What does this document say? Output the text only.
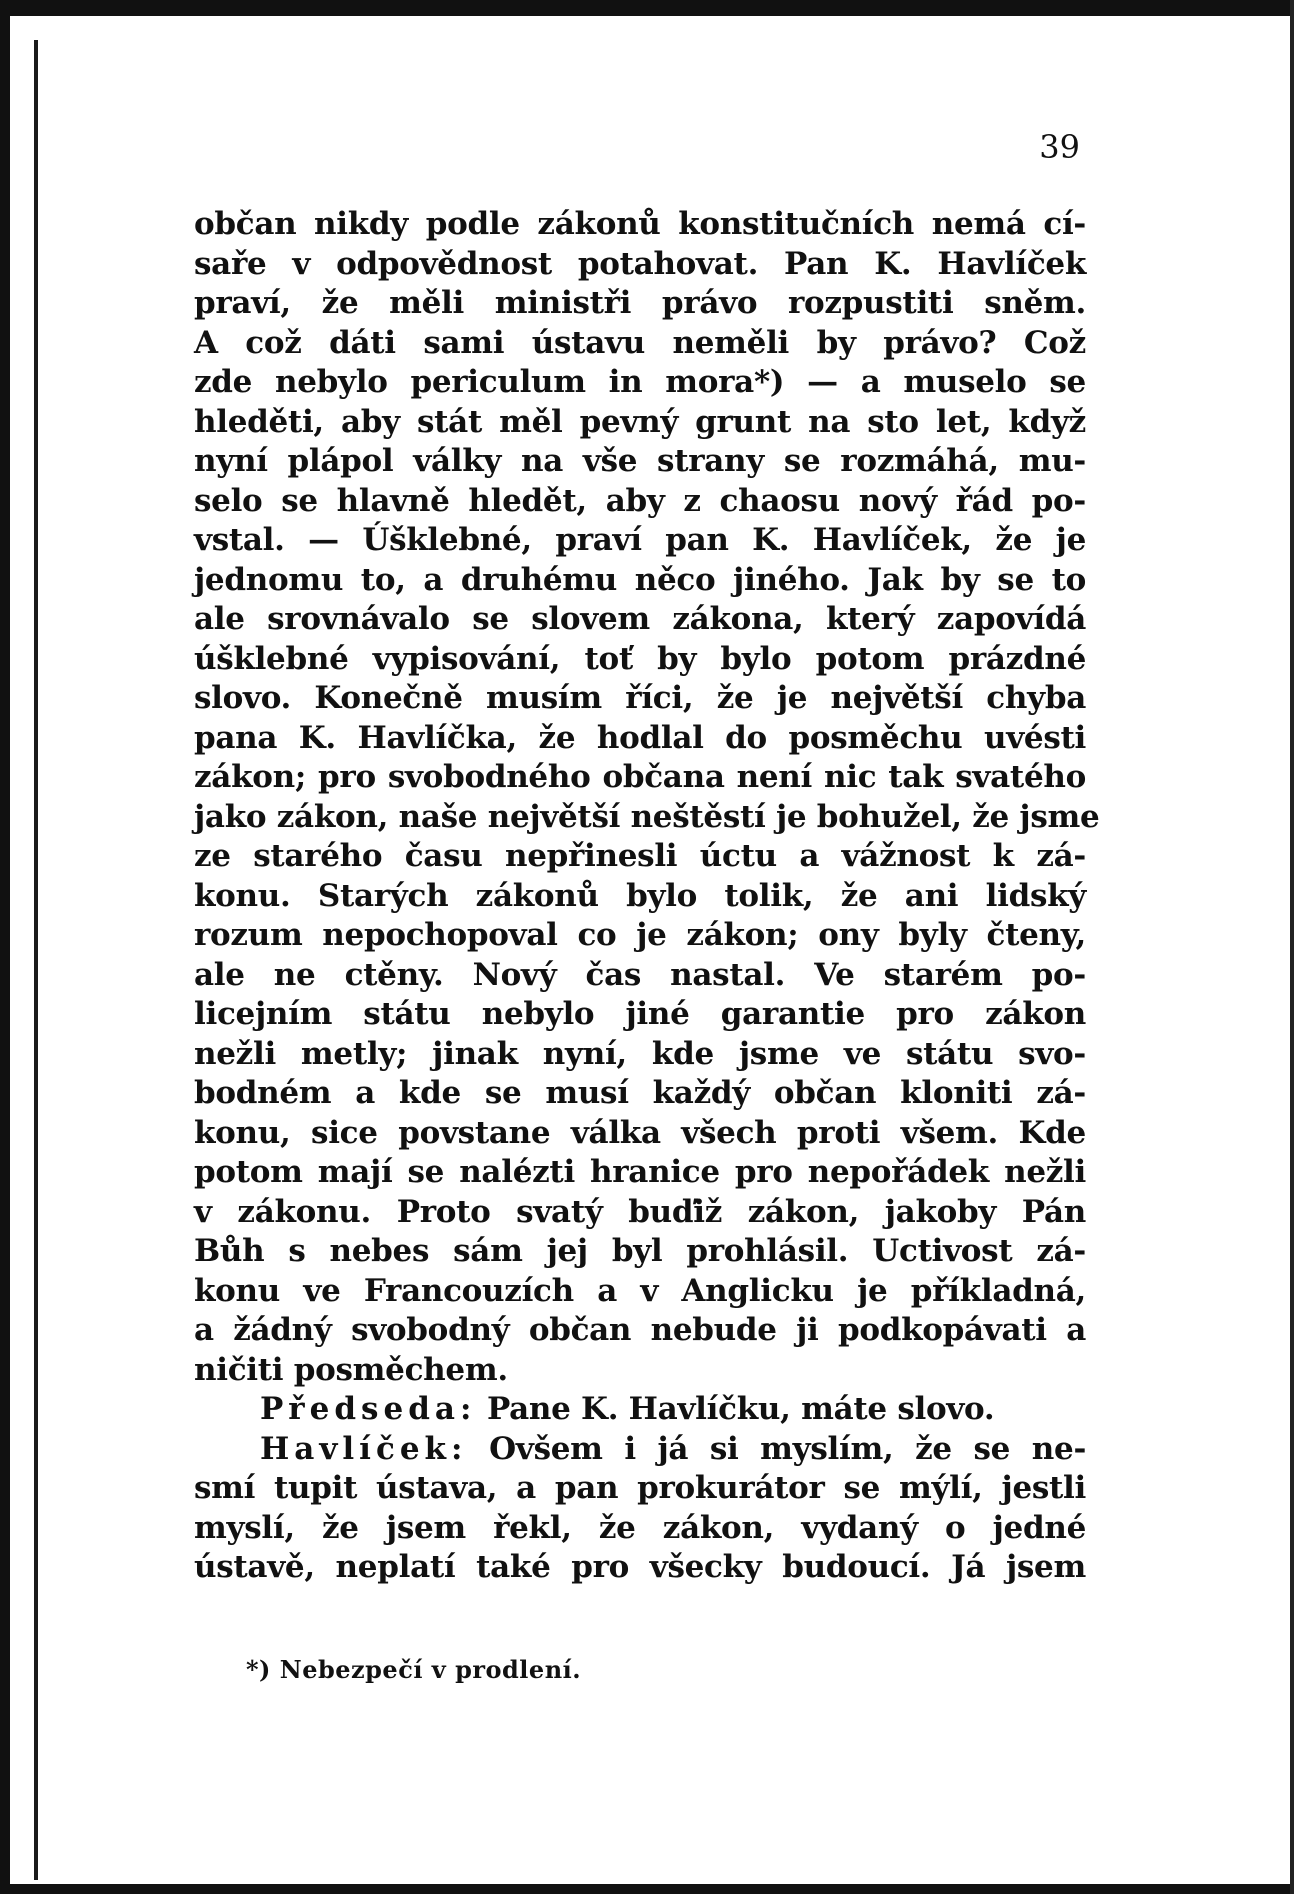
39
občan nikdy podle zákonů konstitučních nemá cí-
saře v odpovědnost potahovat. Pan K. Havlíček
praví, že měli ministři právo rozpustiti sněm.
A což dáti sami ústavu neměli by právo? Což
zde nebylo periculum in mora*) — a muselo se
hleděti, aby stát měl pevný grunt na sto let, když
nyní plápol války na vše strany se rozmáhá, mu-
selo se hlavně hledět, aby z chaosu nový řád po-
vstal. — Úšklebné, praví pan K. Havlíček, že je
jednomu to, a druhému něco jiného. Jak by se to
ale srovnávalo se slovem zákona, který zapovídá
úšklebné vypisování, toť by bylo potom prázdné
slovo. Konečně musím říci, že je největší chyba
pana K. Havlíčka, že hodlal do posměchu uvésti
zákon; pro svobodného občana není nic tak svatého
jako zákon, naše největší neštěstí je bohužel, že jsme
ze starého času nepřinesli úctu a vážnost k zá-
konu. Starých zákonů bylo tolik, že ani lidský
rozum nepochopoval co je zákon; ony byly čteny,
ale ne ctěny. Nový čas nastal. Ve starém po-
licejním státu nebylo jiné garantie pro zákon
nežli metly; jinak nyní, kde jsme ve státu svo-
bodném a kde se musí každý občan kloniti zá-
konu, sice povstane válka všech proti všem. Kde
potom mají se nalézti hranice pro nepořádek nežli
v zákonu. Proto svatý buďiž zákon, jakoby Pán
Bůh s nebes sám jej byl prohlásil. Uctivost zá-
konu ve Francouzích a v Anglicku je příkladná,
a žádný svobodný občan nebude ji podkopávati a
ničiti posměchem.
Předseda: Pane K. Havlíčku, máte slovo.
Havlíček: Ovšem i já si myslím, že se ne-
smí tupit ústava, a pan prokurátor se mýlí, jestli
myslí, že jsem řekl, že zákon, vydaný o jedné
ústavě, neplatí také pro všecky budoucí. Já jsem
*) Nebezpečí v prodlení.
